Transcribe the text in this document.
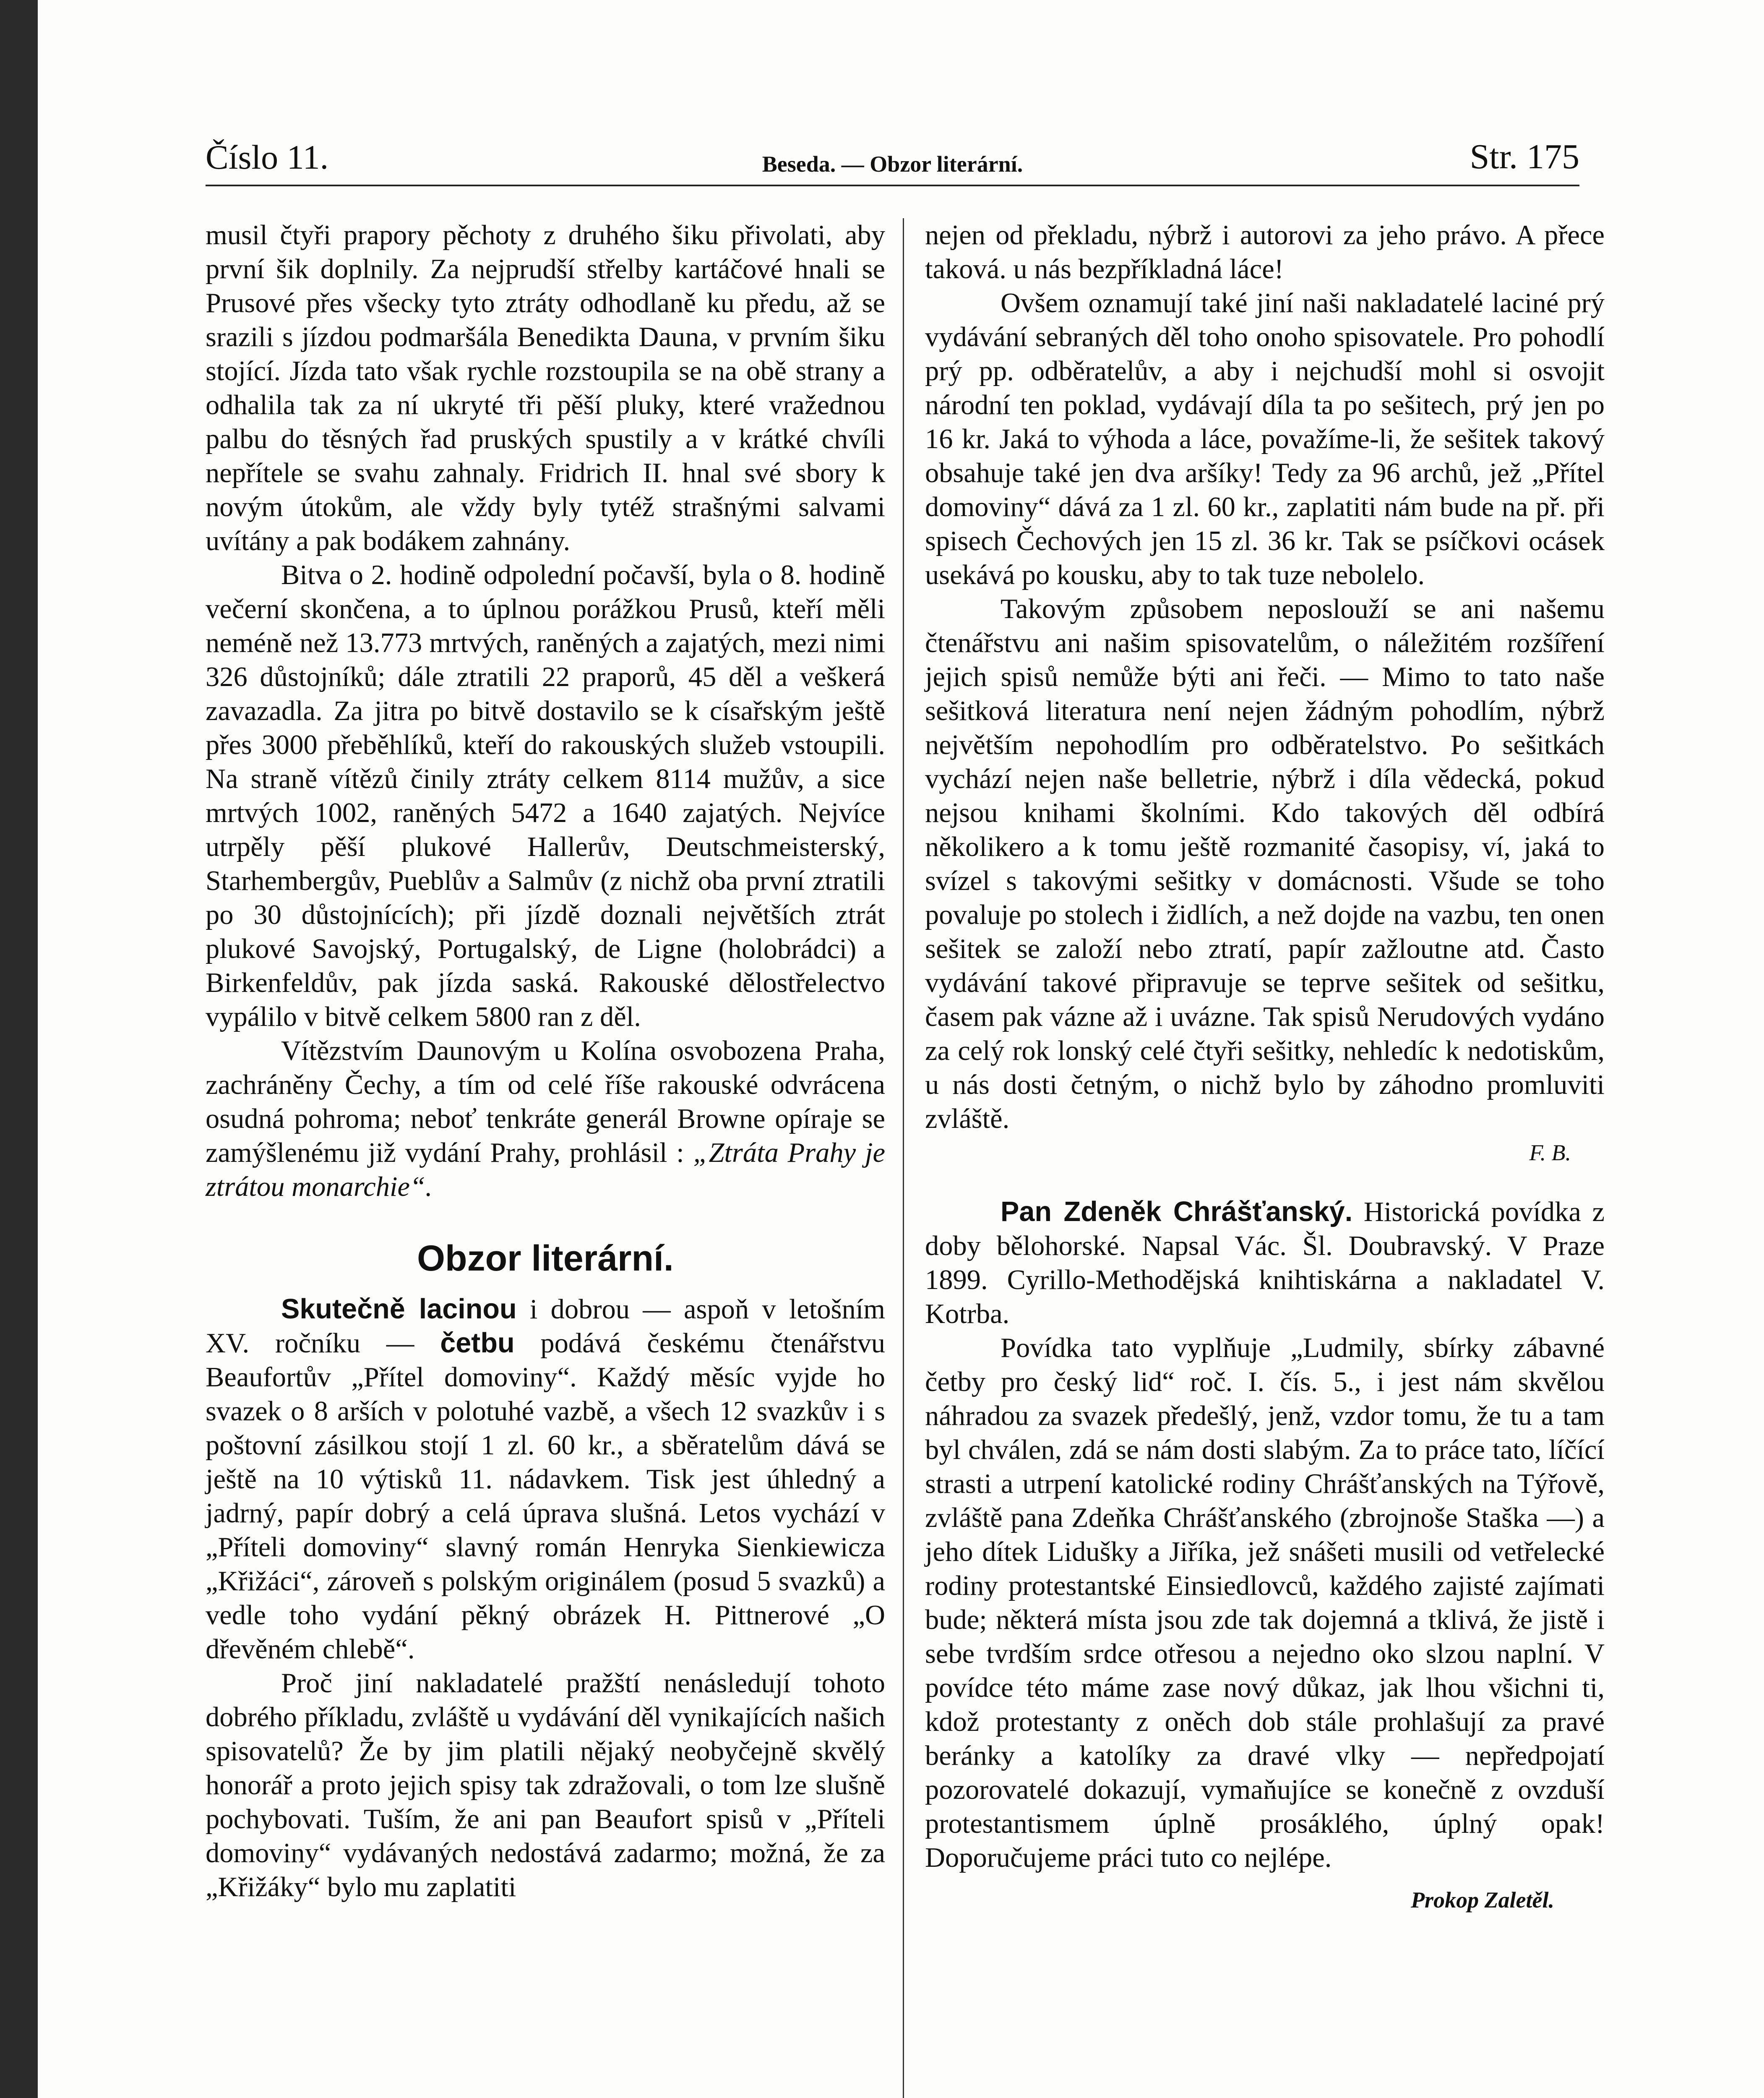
Číslo 11.	Beseda. — Obzor literární.	Str. 175

musil čtyři prapory pěchoty z druhého šiku přivolati, aby první šik doplnily. Za nejprudší střelby kartáčové hnali se Prusové přes všecky tyto ztráty odhodlaně ku předu, až se srazili s jízdou podmaršála Benedikta Dauna, v prvním šiku stojící. Jízda tato však rychle rozstoupila se na obě strany a odhalila tak za ní ukryté tři pěší pluky, které vražednou palbu do těsných řad pruských spustily a v krátké chvíli nepřítele se svahu zahnaly. Fridrich II. hnal své sbory k novým útokům, ale vždy byly tytéž strašnými salvami uvítány a pak bodákem zahnány.

Bitva o 2. hodině odpolední počavší, byla o 8. hodině večerní skončena, a to úplnou porážkou Prusů, kteří měli neméně než 13.773 mrtvých, raněných a zajatých, mezi nimi 326 důstojníků; dále ztratili 22 praporů, 45 děl a veškerá zavazadla. Za jitra po bitvě dostavilo se k císařským ještě přes 3000 přeběhlíků, kteří do rakouských služeb vstoupili. Na straně vítězů činily ztráty celkem 8114 mužův, a sice mrtvých 1002, raněných 5472 a 1640 zajatých. Nejvíce utrpěly pěší plukové Hallerův, Deutschmeisterský, Starhembergův, Pueblův a Salmův (z nichž oba první ztratili po 30 důstojnících); při jízdě doznali největších ztrát plukové Savojský, Portugalský, de Ligne (holobrádci) a Birkenfeldův, pak jízda saská. Rakouské dělostřelectvo vypálilo v bitvě celkem 5800 ran z děl.

Vítězstvím Daunovým u Kolína osvobozena Praha, zachráněny Čechy, a tím od celé říše rakouské odvrácena osudná pohroma; neboť tenkráte generál Browne opíraje se zamýšlenému již vydání Prahy, prohlásil : „Ztráta Prahy je ztrátou monarchie“.

Obzor literární.

Skutečně lacinou i dobrou — aspoň v letošním XV. ročníku — četbu podává českému čtenářstvu Beaufortův „Přítel domoviny“. Každý měsíc vyjde ho svazek o 8 arších v polotuhé vazbě, a všech 12 svazkův i s poštovní zásilkou stojí 1 zl. 60 kr., a sběratelům dává se ještě na 10 výtisků 11. nádavkem. Tisk jest úhledný a jadrný, papír dobrý a celá úprava slušná. Letos vychází v „Příteli domoviny“ slavný román Henryka Sienkiewicza „Křižáci“, zároveň s polským originálem (posud 5 svazků) a vedle toho vydání pěkný obrázek H. Pittnerové „O dřevěném chlebě“.

Proč jiní nakladatelé pražští nenásledují tohoto dobrého příkladu, zvláště u vydávání děl vynikajících našich spisovatelů? Že by jim platili nějaký neobyčejně skvělý honorář a proto jejich spisy tak zdražovali, o tom lze slušně pochybovati. Tuším, že ani pan Beaufort spisů v „Příteli domoviny“ vydávaných nedostává zadarmo; možná, že za „Křižáky“ bylo mu zaplatiti

nejen od překladu, nýbrž i autorovi za jeho právo. A přece taková. u nás bezpříkladná láce!

Ovšem oznamují také jiní naši nakladatelé laciné prý vydávání sebraných děl toho onoho spisovatele. Pro pohodlí prý pp. odběratelův, a aby i nejchudší mohl si osvojit národní ten poklad, vydávají díla ta po sešitech, prý jen po 16 kr. Jaká to výhoda a láce, považíme-li, že sešitek takový obsahuje také jen dva aršíky! Tedy za 96 archů, jež „Přítel domoviny“ dává za 1 zl. 60 kr., zaplatiti nám bude na př. při spisech Čechových jen 15 zl. 36 kr. Tak se psíčkovi ocásek usekává po kousku, aby to tak tuze nebolelo.

Takovým způsobem neposlouží se ani našemu čtenářstvu ani našim spisovatelům, o náležitém rozšíření jejich spisů nemůže býti ani řeči. — Mimo to tato naše sešitková literatura není nejen žádným pohodlím, nýbrž největším nepohodlím pro odběratelstvo. Po sešitkách vychází nejen naše belletrie, nýbrž i díla vědecká, pokud nejsou knihami školními. Kdo takových děl odbírá několikero a k tomu ještě rozmanité časopisy, ví, jaká to svízel s takovými sešitky v domácnosti. Všude se toho povaluje po stolech i židlích, a než dojde na vazbu, ten onen sešitek se založí nebo ztratí, papír zažloutne atd. Často vydávání takové připravuje se teprve sešitek od sešitku, časem pak vázne až i uvázne. Tak spisů Nerudových vydáno za celý rok lonský celé čtyři sešitky, nehledíc k nedotiskům, u nás dosti četným, o nichž bylo by záhodno promluviti zvláště.

F. B.

Pan Zdeněk Chrášťanský. Historická povídka z doby bělohorské. Napsal Vác. Šl. Doubravský. V Praze 1899. Cyrillo-Methodějská knihtiskárna a nakladatel V. Kotrba.

Povídka tato vyplňuje „Ludmily, sbírky zábavné četby pro český lid“ roč. I. čís. 5., i jest nám skvělou náhradou za svazek předešlý, jenž, vzdor tomu, že tu a tam byl chválen, zdá se nám dosti slabým. Za to práce tato, líčící strasti a utrpení katolické rodiny Chrášťanských na Týřově, zvláště pana Zdeňka Chrášťanského (zbrojnoše Staška —) a jeho dítek Lidušky a Jiříka, jež snášeti musili od vetřelecké rodiny protestantské Einsiedlovců, každého zajisté zajímati bude; některá místa jsou zde tak dojemná a tklivá, že jistě i sebe tvrdším srdce otřesou a nejedno oko slzou naplní. V povídce této máme zase nový důkaz, jak lhou všichni ti, kdož protestanty z oněch dob stále prohlašují za pravé beránky a katolíky za dravé vlky — nepředpojatí pozorovatelé dokazují, vymaňujíce se konečně z ovzduší protestantismem úplně prosáklého, úplný opak! Doporučujeme práci tuto co nejlépe.

Prokop Zaletěl.
